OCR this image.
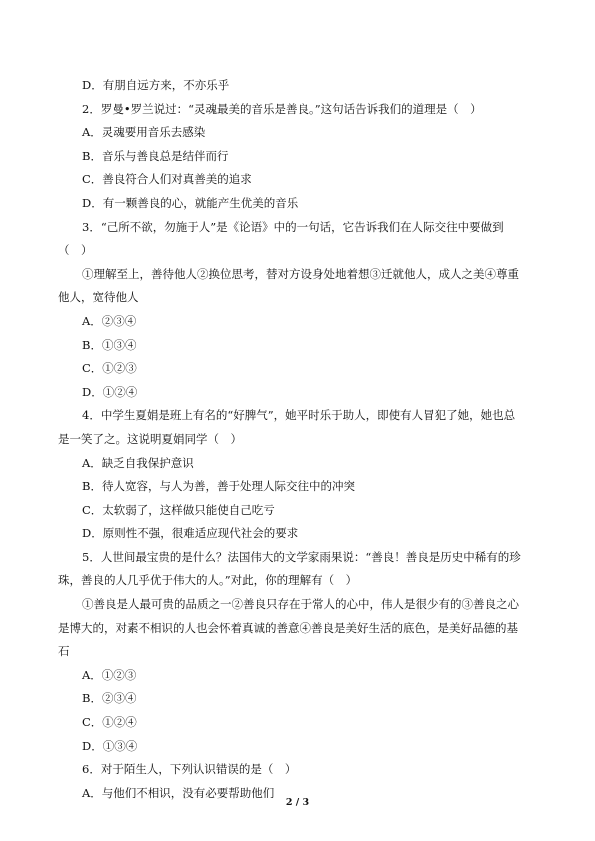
D．有朋自远方来，不亦乐乎
2．罗曼•罗兰说过：“灵魂最美的音乐是善良。”这句话告诉我们的道理是（　）
A．灵魂要用音乐去感染
B．音乐与善良总是结伴而行
C．善良符合人们对真善美的追求
D．有一颗善良的心，就能产生优美的音乐
3．“己所不欲，勿施于人”是《论语》中的一句话，它告诉我们在人际交往中要做到
（　）
①理解至上，善待他人②换位思考，替对方设身处地着想③迁就他人，成人之美④尊重
他人，宽待他人
A．②③④
B．①③④
C．①②③
D．①②④
4．中学生夏娟是班上有名的“好脾气”，她平时乐于助人，即使有人冒犯了她，她也总
是一笑了之。这说明夏娟同学（　）
A．缺乏自我保护意识
B．待人宽容，与人为善，善于处理人际交往中的冲突
C．太软弱了，这样做只能使自己吃亏
D．原则性不强，很难适应现代社会的要求
5．人世间最宝贵的是什么？法国伟大的文学家雨果说：“善良！善良是历史中稀有的珍
珠，善良的人几乎优于伟大的人。”对此，你的理解有（　）
①善良是人最可贵的品质之一②善良只存在于常人的心中，伟人是很少有的③善良之心
是博大的，对素不相识的人也会怀着真诚的善意④善良是美好生活的底色，是美好品德的基
石
A．①②③
B．②③④
C．①②④
D．①③④
6．对于陌生人，下列认识错误的是（　）
A．与他们不相识，没有必要帮助他们
2 / 3
